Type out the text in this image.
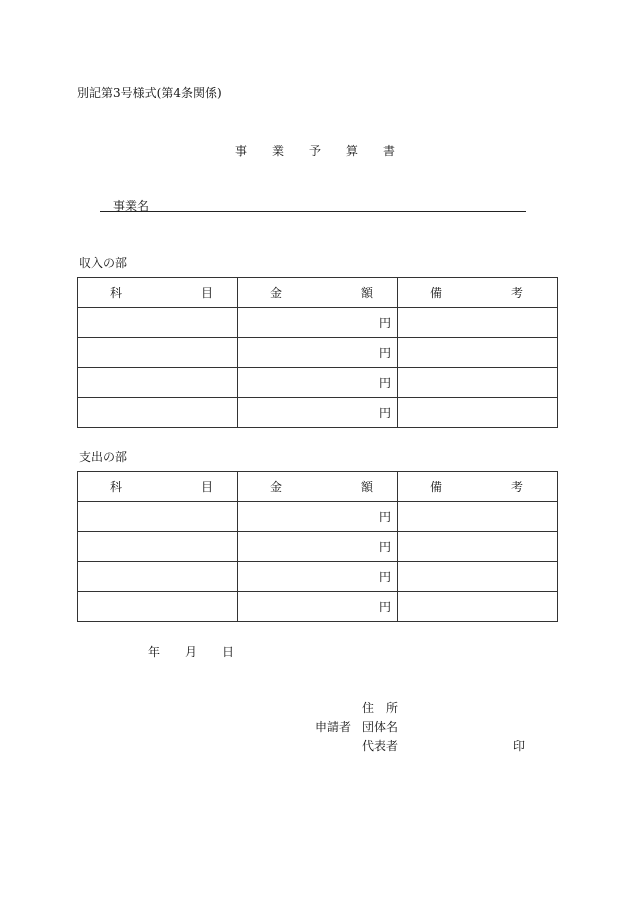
別記第3号様式(第4条関係)
事	業	予	算	書
事業名
収入の部
科 目	金 額	備 考

	円	
	円	
	円	
	円	
支出の部
科 目	金 額	備 考

	円	
	円	
	円	
	円	
年 月 日
住所
申請者 団体名
代表者	印
